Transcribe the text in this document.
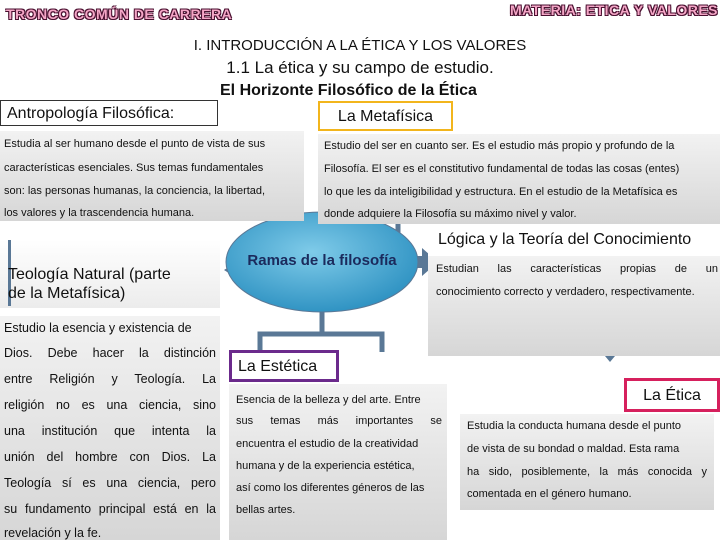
TRONCO COMÚN DE CARRERA	MATERIA: ETICA Y VALORES
I. INTRODUCCIÓN A LA ÉTICA Y LOS VALORES
1.1 La ética y su campo de estudio.
El Horizonte Filosófico de la Ética
Antropología Filosófica:	La Metafísica
Estudia al ser humano desde el punto de vista de sus
características esenciales. Sus temas fundamentales
son: las personas humanas, la conciencia, la libertad,
los valores y la trascendencia humana.
Estudio del ser en cuanto ser. Es el estudio más propio y profundo de la
Filosofía. El ser es el constitutivo fundamental de todas las cosas (entes)
lo que les da inteligibilidad y estructura. En el estudio de la Metafísica es
donde adquiere la Filosofía su máximo nivel y valor.
Teología Natural (parte
de la Metafísica)
Estudio la esencia y existencia de
Dios. Debe hacer la distinción
entre Religión y Teología. La
religión no es una ciencia, sino
una institución que intenta la
unión del hombre con Dios. La
Teología sí es una ciencia, pero
su fundamento principal está en la
revelación y la fe.
Ramas de la filosofía
Lógica y la Teoría del Conocimiento
Estudian las características propias de un
conocimiento correcto y verdadero, respectivamente.
La Estética
Esencia de la belleza y del arte. Entre
sus temas más importantes se
encuentra el estudio de la creatividad
humana y de la experiencia estética,
así como los diferentes géneros de las
bellas artes.
La Ética
Estudia la conducta humana desde el punto
de vista de su bondad o maldad. Esta rama
ha sido, posiblemente, la más conocida y
comentada en el género humano.
